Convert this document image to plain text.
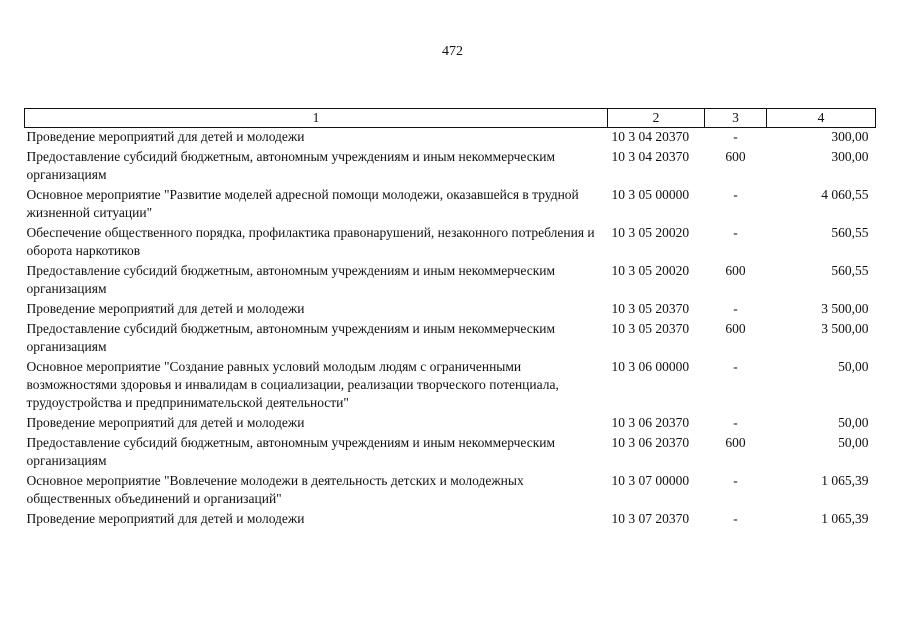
472
1	2	3	4
Проведение мероприятий для детей и молодежи	10 3 04 20370	-	300,00
Предоставление субсидий бюджетным, автономным учреждениям и иным некоммерческим организациям	10 3 04 20370	600	300,00
Основное мероприятие "Развитие моделей адресной помощи молодежи, оказавшейся в трудной жизненной ситуации"	10 3 05 00000	-	4 060,55
Обеспечение общественного порядка, профилактика правонарушений, незаконного потребления и оборота наркотиков	10 3 05 20020	-	560,55
Предоставление субсидий бюджетным, автономным учреждениям и иным некоммерческим организациям	10 3 05 20020	600	560,55
Проведение мероприятий для детей и молодежи	10 3 05 20370	-	3 500,00
Предоставление субсидий бюджетным, автономным учреждениям и иным некоммерческим организациям	10 3 05 20370	600	3 500,00
Основное мероприятие "Создание равных условий молодым людям с ограниченными возможностями здоровья и инвалидам в социализации, реализации творческого потенциала, трудоустройства и предпринимательской деятельности"	10 3 06 00000	-	50,00
Проведение мероприятий для детей и молодежи	10 3 06 20370	-	50,00
Предоставление субсидий бюджетным, автономным учреждениям и иным некоммерческим организациям	10 3 06 20370	600	50,00
Основное мероприятие "Вовлечение молодежи в деятельность детских и молодежных общественных объединений и организаций"	10 3 07 00000	-	1 065,39
Проведение мероприятий для детей и молодежи	10 3 07 20370	-	1 065,39
